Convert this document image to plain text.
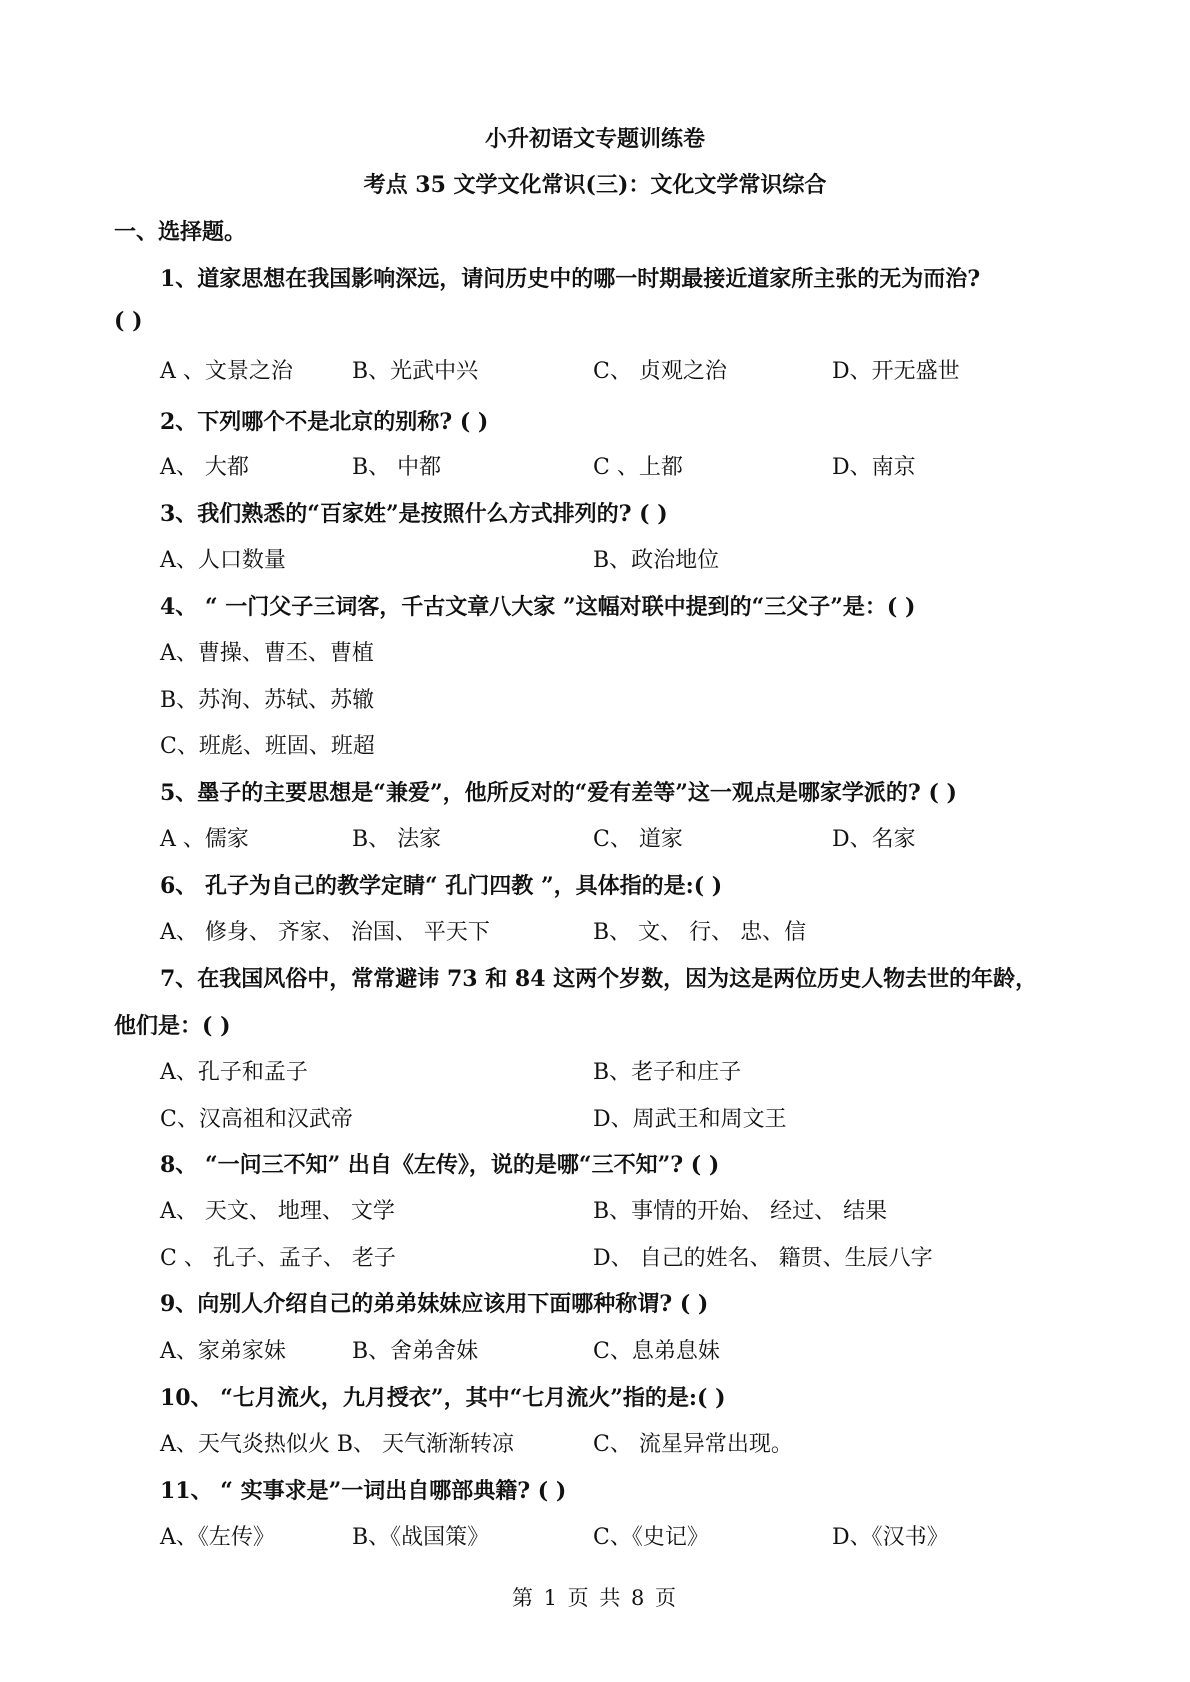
小升初语文专题训练卷
考点 35 文学文化常识(三)：文化文学常识综合
一、选择题。
1、道家思想在我国影响深远，请问历史中的哪一时期最接近道家所主张的无为而治?
( )
A 、文景之治	B、光武中兴	C、 贞观之治	D、开无盛世
2、下列哪个不是北京的别称? ( )
A、 大都	B、 中都	C 、上都	D、南京
3、我们熟悉的“百家姓”是按照什么方式排列的? ( )
A、人口数量	B、政治地位
4、 “ 一门父子三词客，千古文章八大家 ”这幅对联中提到的“三父子”是：( )
A、曹操、曹丕、曹植
B、苏洵、苏轼、苏辙
C、班彪、班固、班超
5、墨子的主要思想是“兼爱”，他所反对的“爱有差等”这一观点是哪家学派的? ( )
A 、儒家	B、 法家	C、 道家	D、名家
6、 孔子为自己的教学定睛“ 孔门四教 ”，具体指的是:( )
A、 修身、 齐家、 治国、 平天下	B、 文、 行、 忠、信
7、在我国风俗中，常常避讳 73 和 84 这两个岁数，因为这是两位历史人物去世的年龄，
他们是：( )
A、孔子和孟子	B、老子和庄子
C、汉高祖和汉武帝	D、周武王和周文王
8、 “一问三不知” 出自《左传》，说的是哪“三不知”? ( )
A、 天文、 地理、 文学	B、事情的开始、 经过、 结果
C 、 孔子、孟子、 老子	D、 自己的姓名、 籍贯、生辰八字
9、向别人介绍自己的弟弟妹妹应该用下面哪种称谓? ( )
A、家弟家妹	B、舍弟舍妹	C、息弟息妹
10、 “七月流火，九月授衣”，其中“七月流火”指的是:( )
A、天气炎热似火 B、 天气渐渐转凉	C、 流星异常出现。
11、 “ 实事求是”一词出自哪部典籍? ( )
A、《左传》	B、《战国策》	C、《史记》	D、《汉书》
第 1 页 共 8 页
